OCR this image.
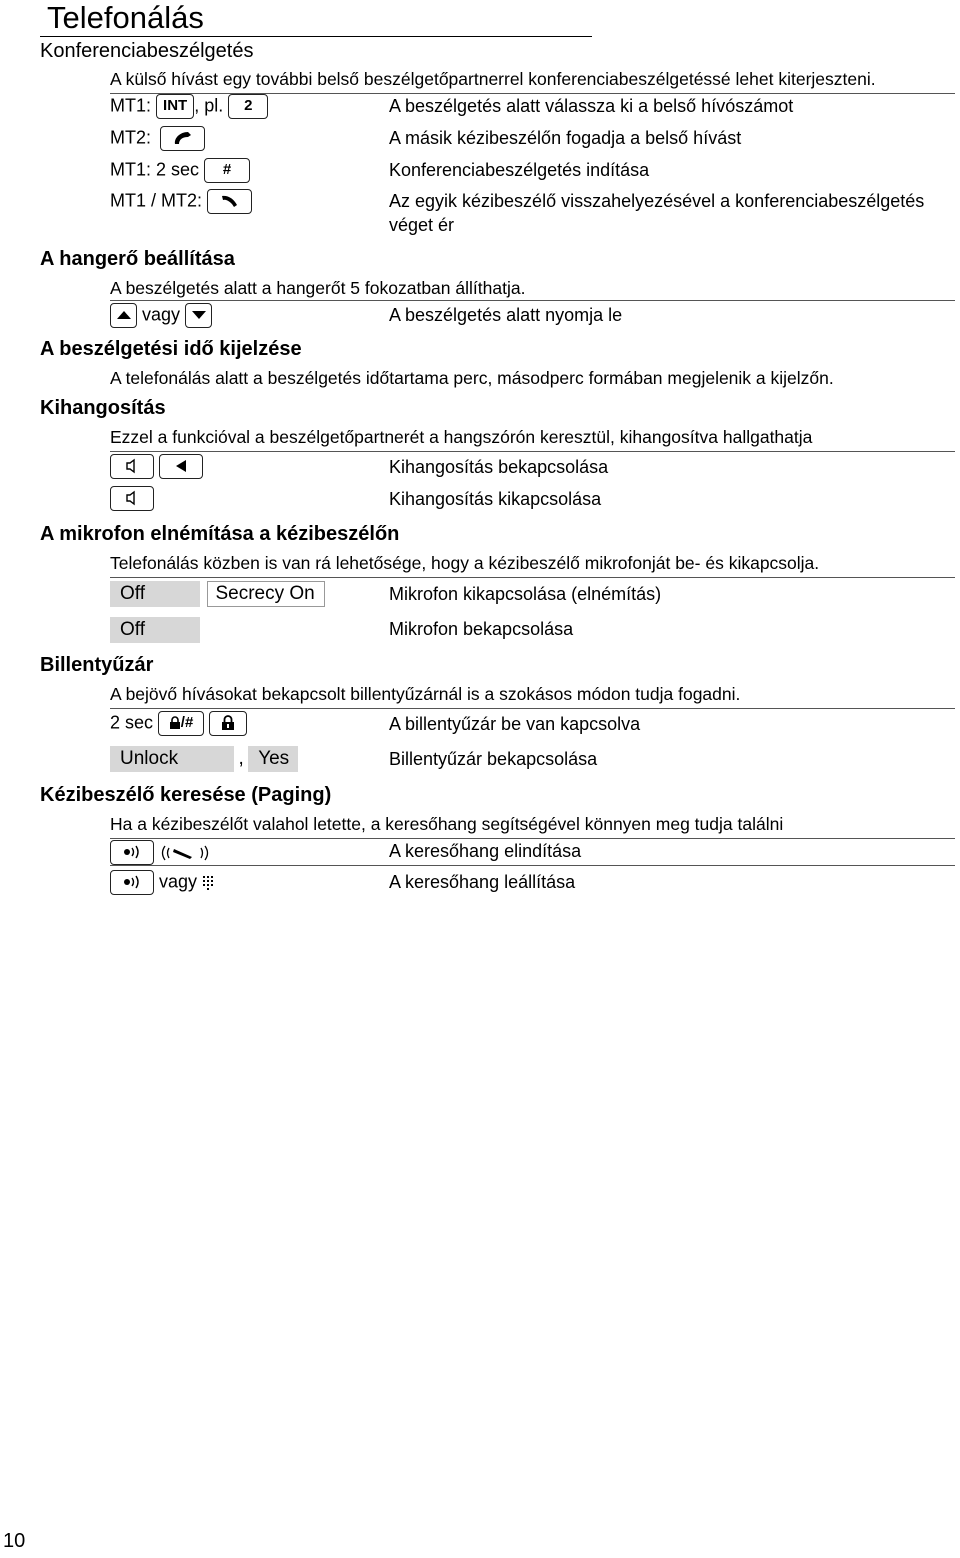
Telefonálás
Konferenciabeszélgetés
A külső hívást egy további belső beszélgetőpartnerrel konferenciabeszélgetéssé lehet kiterjeszteni.
MT1: INT , pl. 2	A beszélgetés alatt válassza ki a belső hívószámot
MT2:	A másik kézibeszélőn fogadja a belső hívást
MT1: 2 sec #	Konferenciabeszélgetés indítása
MT1 / MT2:	Az egyik kézibeszélő visszahelyezésével a konferenciabeszélgetés
véget ér
A hangerő beállítása
A beszélgetés alatt a hangerőt 5 fokozatban állíthatja.
vagy	A beszélgetés alatt nyomja le
A beszélgetési idő kijelzése
A telefonálás alatt a beszélgetés időtartama perc, másodperc formában megjelenik a kijelzőn.
Kihangosítás
Ezzel a funkcióval a beszélgetőpartnerét a hangszórón keresztül, kihangosítva hallgathatja

Kihangosítás bekapcsolása
Kihangosítás kikapcsolása
A mikrofon elnémítása a kézibeszélőn
Telefonálás közben is van rá lehetősége, hogy a kézibeszélő mikrofonját be- és kikapcsolja.
Off	Secrecy On	Mikrofon kikapcsolása (elnémítás)
Off	Mikrofon bekapcsolása
Billentyűzár
A bejövő hívásokat bekapcsolt billentyűzárnál is a szokásos módon tudja fogadni.
2 sec /#	A billentyűzár be van kapcsolva
Unlock	, Yes	Billentyűzár bekapcsolása
Kézibeszélő keresése (Paging)
Ha a kézibeszélőt valahol letette, a keresőhang segítségével könnyen meg tudja találni

A keresőhang elindítása
vagy	A keresőhang leállítása
10
